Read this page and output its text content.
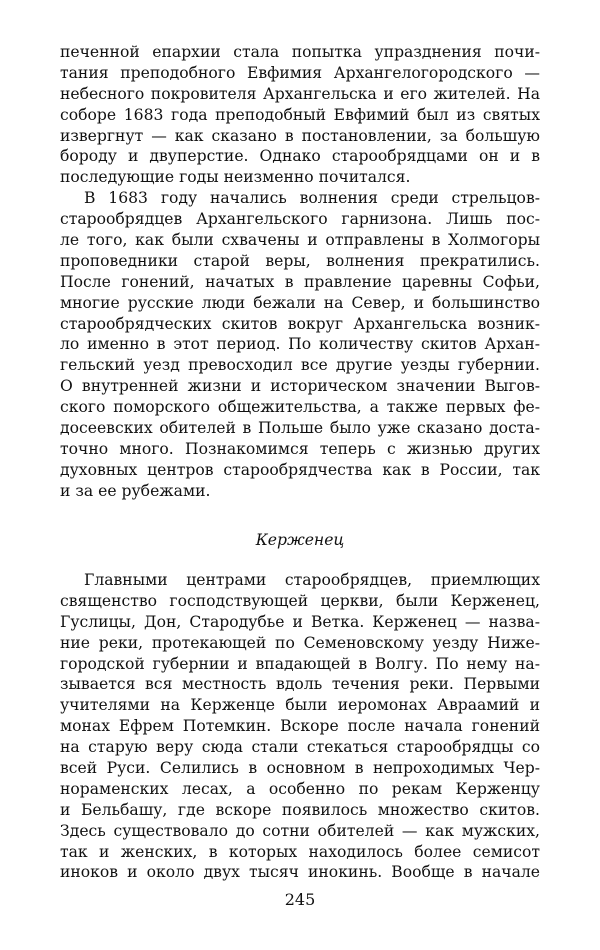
печенной епархии стала попытка упразднения почи-
тания преподобного Евфимия Архангелогородского —
небесного покровителя Архангельска и его жителей. На
соборе 1683 года преподобный Евфимий был из святых
извергнут — как сказано в постановлении, за большую
бороду и двуперстие. Однако старообрядцами он и в
последующие годы неизменно почитался.
В 1683 году начались волнения среди стрельцов-
старообрядцев Архангельского гарнизона. Лишь пос-
ле того, как были схвачены и отправлены в Холмогоры
проповедники старой веры, волнения прекратились.
После гонений, начатых в правление царевны Софьи,
многие русские люди бежали на Север, и большинство
старообрядческих скитов вокруг Архангельска возник-
ло именно в этот период. По количеству скитов Архан-
гельский уезд превосходил все другие уезды губернии.
О внутренней жизни и историческом значении Выгов-
ского поморского общежительства, а также первых фе-
досеевских обителей в Польше было уже сказано доста-
точно много. Познакомимся теперь с жизнью других
духовных центров старообрядчества как в России, так
и за ее рубежами.
Керженец
Главными центрами старообрядцев, приемлющих
священство господствующей церкви, были Керженец,
Гуслицы, Дон, Стародубье и Ветка. Керженец — назва-
ние реки, протекающей по Семеновскому уезду Ниже-
городской губернии и впадающей в Волгу. По нему на-
зывается вся местность вдоль течения реки. Первыми
учителями на Керженце были иеромонах Авраамий и
монах Ефрем Потемкин. Вскоре после начала гонений
на старую веру сюда стали стекаться старообрядцы со
всей Руси. Селились в основном в непроходимых Чер-
нораменских лесах, а особенно по рекам Керженцу
и Бельбашу, где вскоре появилось множество скитов.
Здесь существовало до сотни обителей — как мужских,
так и женских, в которых находилось более семисот
иноков и около двух тысяч инокинь. Вообще в начале
245
